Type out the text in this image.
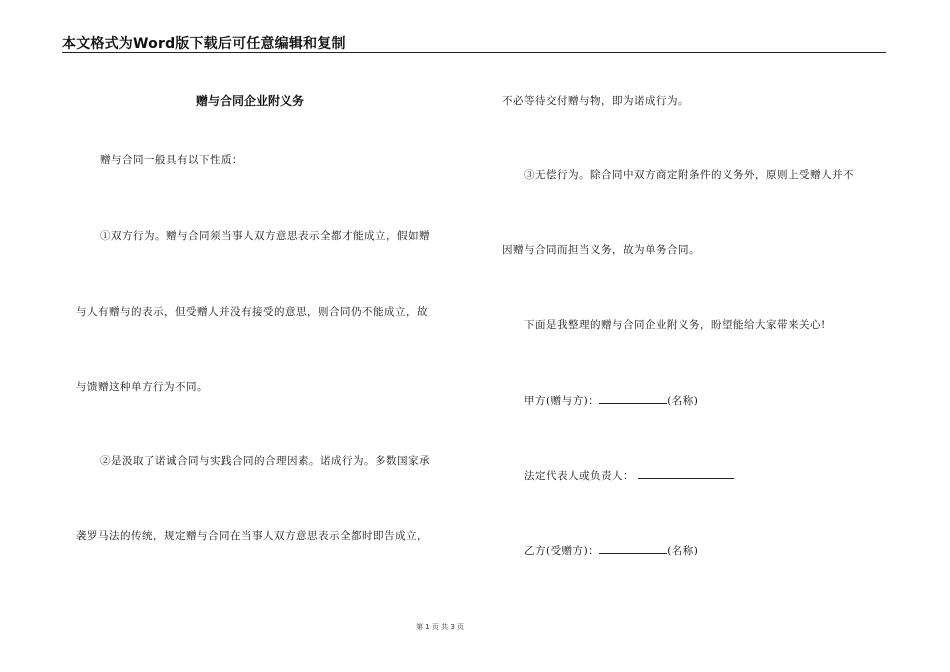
本文格式为Word版下载后可任意编辑和复制
赠与合同企业附义务
赠与合同一般具有以下性质：
①双方行为。赠与合同须当事人双方意思表示全都才能成立，假如赠
与人有赠与的表示，但受赠人并没有接受的意思，则合同仍不能成立，故
与馈赠这种单方行为不同。
②是汲取了诺诚合同与实践合同的合理因素。诺成行为。多数国家承
袭罗马法的传统，规定赠与合同在当事人双方意思表示全都时即告成立，
不必等待交付赠与物，即为诺成行为。
③无偿行为。除合同中双方商定附条件的义务外，原则上受赠人并不
因赠与合同而担当义务，故为单务合同。
下面是我整理的赠与合同企业附义务，盼望能给大家带来关心!
甲方(赠与方)：	(名称)
法定代表人或负责人：
乙方(受赠方)：	(名称)
第 1 页 共 3 页
